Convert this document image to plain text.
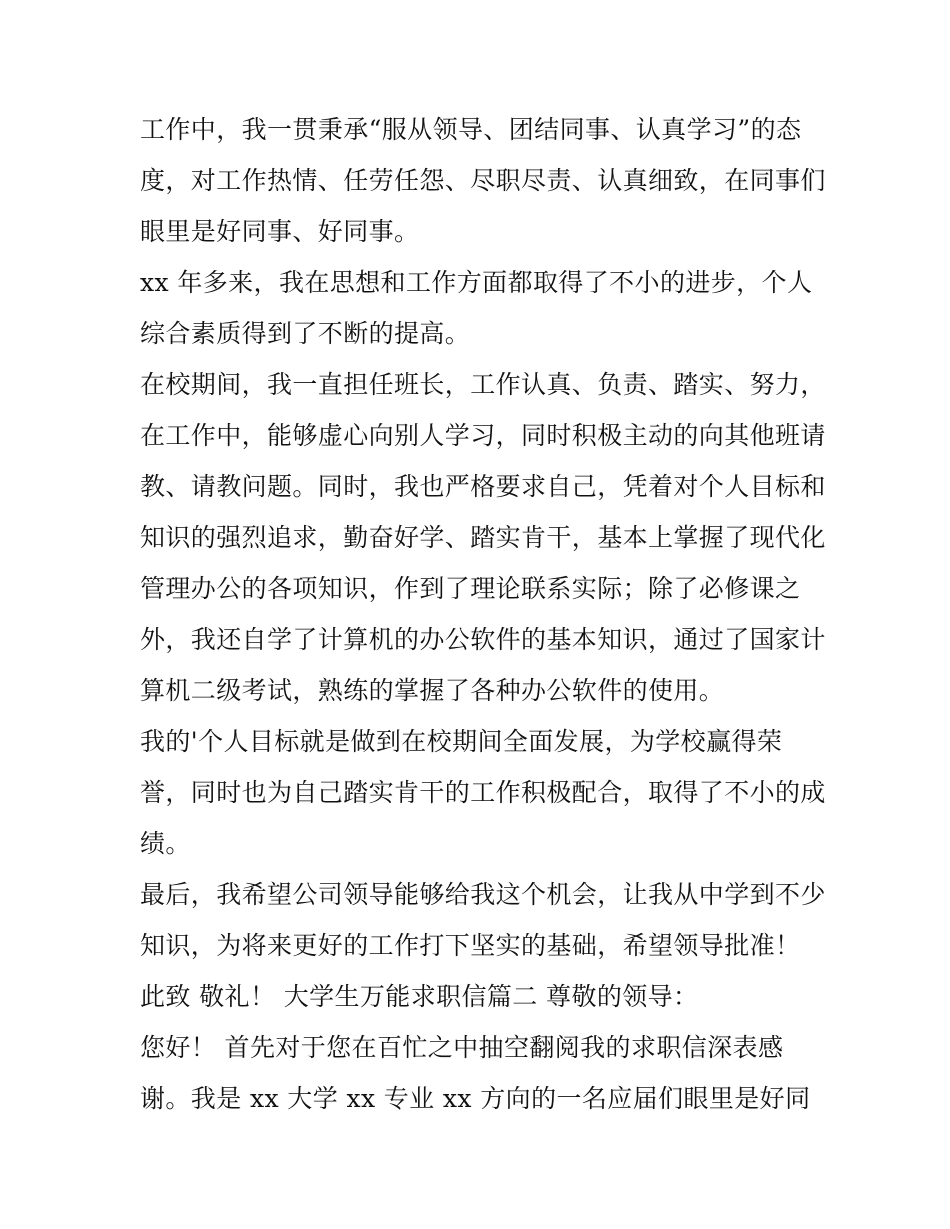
工作中，我一贯秉承“服从领导、团结同事、认真学习”的态
度，对工作热情、任劳任怨、尽职尽责、认真细致，在同事们
眼里是好同事、好同事。
xx 年多来，我在思想和工作方面都取得了不小的进步，个人
综合素质得到了不断的提高。
在校期间，我一直担任班长，工作认真、负责、踏实、努力，
在工作中，能够虚心向别人学习，同时积极主动的向其他班请
教、请教问题。同时，我也严格要求自己，凭着对个人目标和
知识的强烈追求，勤奋好学、踏实肯干，基本上掌握了现代化
管理办公的各项知识，作到了理论联系实际；除了必修课之
外，我还自学了计算机的办公软件的基本知识，通过了国家计
算机二级考试，熟练的掌握了各种办公软件的使用。
我的'个人目标就是做到在校期间全面发展，为学校赢得荣
誉，同时也为自己踏实肯干的工作积极配合，取得了不小的成
绩。
最后，我希望公司领导能够给我这个机会，让我从中学到不少
知识，为将来更好的工作打下坚实的基础，希望领导批准！
此致 敬礼！ 大学生万能求职信篇二 尊敬的领导：
您好！ 首先对于您在百忙之中抽空翻阅我的求职信深表感
谢。我是 xx 大学 xx 专业 xx 方向的一名应届们眼里是好同
